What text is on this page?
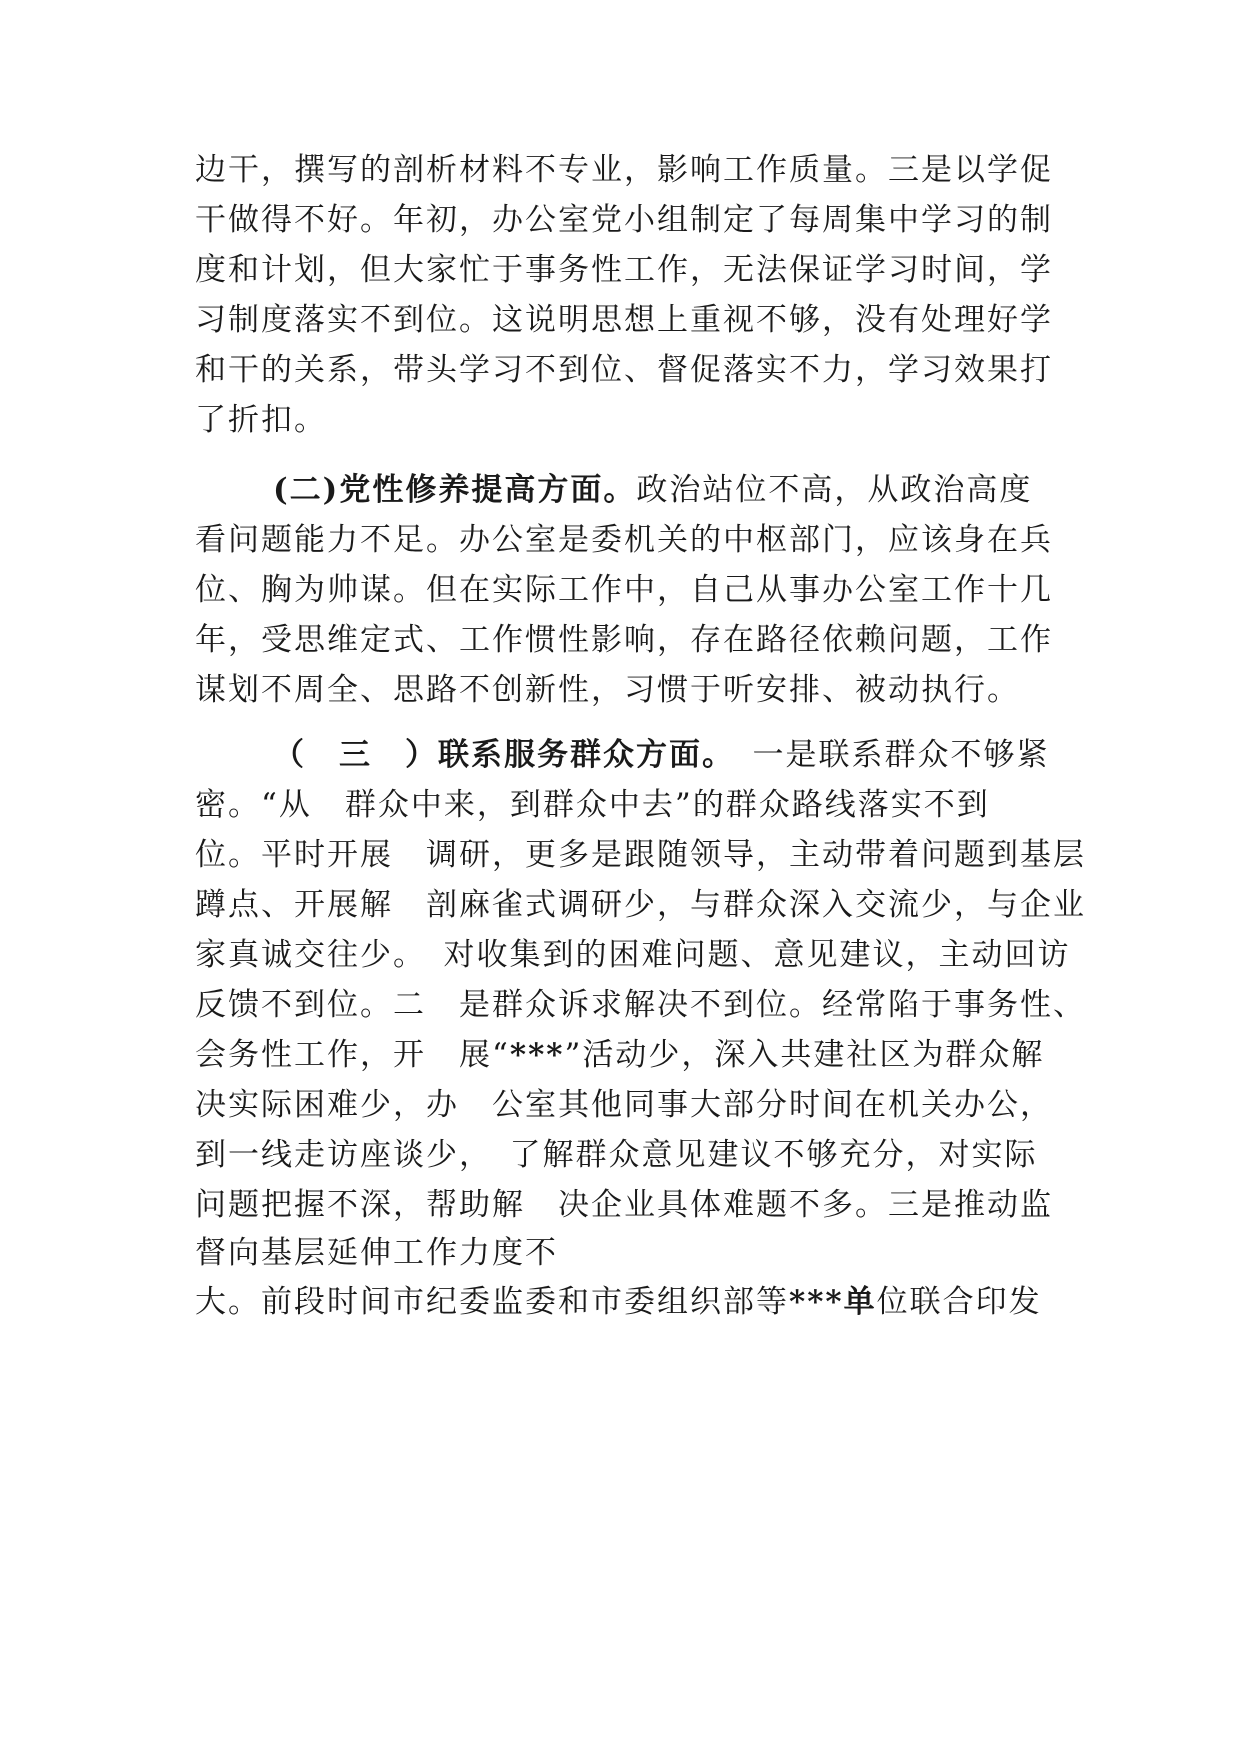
边干，撰写的剖析材料不专业，影响工作质量。三是以学促
干做得不好。年初，办公室党小组制定了每周集中学习的制
度和计划，但大家忙于事务性工作，无法保证学习时间，学
习制度落实不到位。这说明思想上重视不够，没有处理好学
和干的关系，带头学习不到位、督促落实不力，学习效果打
了折扣。
(二)党性修养提高方面。政治站位不高，从政治高度
看问题能力不足。办公室是委机关的中枢部门，应该身在兵
位、胸为帅谋。但在实际工作中，自己从事办公室工作十几
年，受思维定式、工作惯性影响，存在路径依赖问题，工作
谋划不周全、思路不创新性，习惯于听安排、被动执行。
（　三　）联系服务群众方面。　一是联系群众不够紧
密。“从　群众中来，到群众中去”的群众路线落实不到
位。平时开展　调研，更多是跟随领导，主动带着问题到基层
蹲点、开展解　剖麻雀式调研少，与群众深入交流少，与企业
家真诚交往少。　对收集到的困难问题、意见建议，主动回访
反馈不到位。二　是群众诉求解决不到位。经常陷于事务性、
会务性工作，开　展“***”活动少，深入共建社区为群众解
决实际困难少，办　公室其他同事大部分时间在机关办公，
到一线走访座谈少，　了解群众意见建议不够充分，对实际
问题把握不深，帮助解　决企业具体难题不多。三是推动监
督向基层延伸工作力度不
大。前段时间市纪委监委和市委组织部等***单位联合印发
